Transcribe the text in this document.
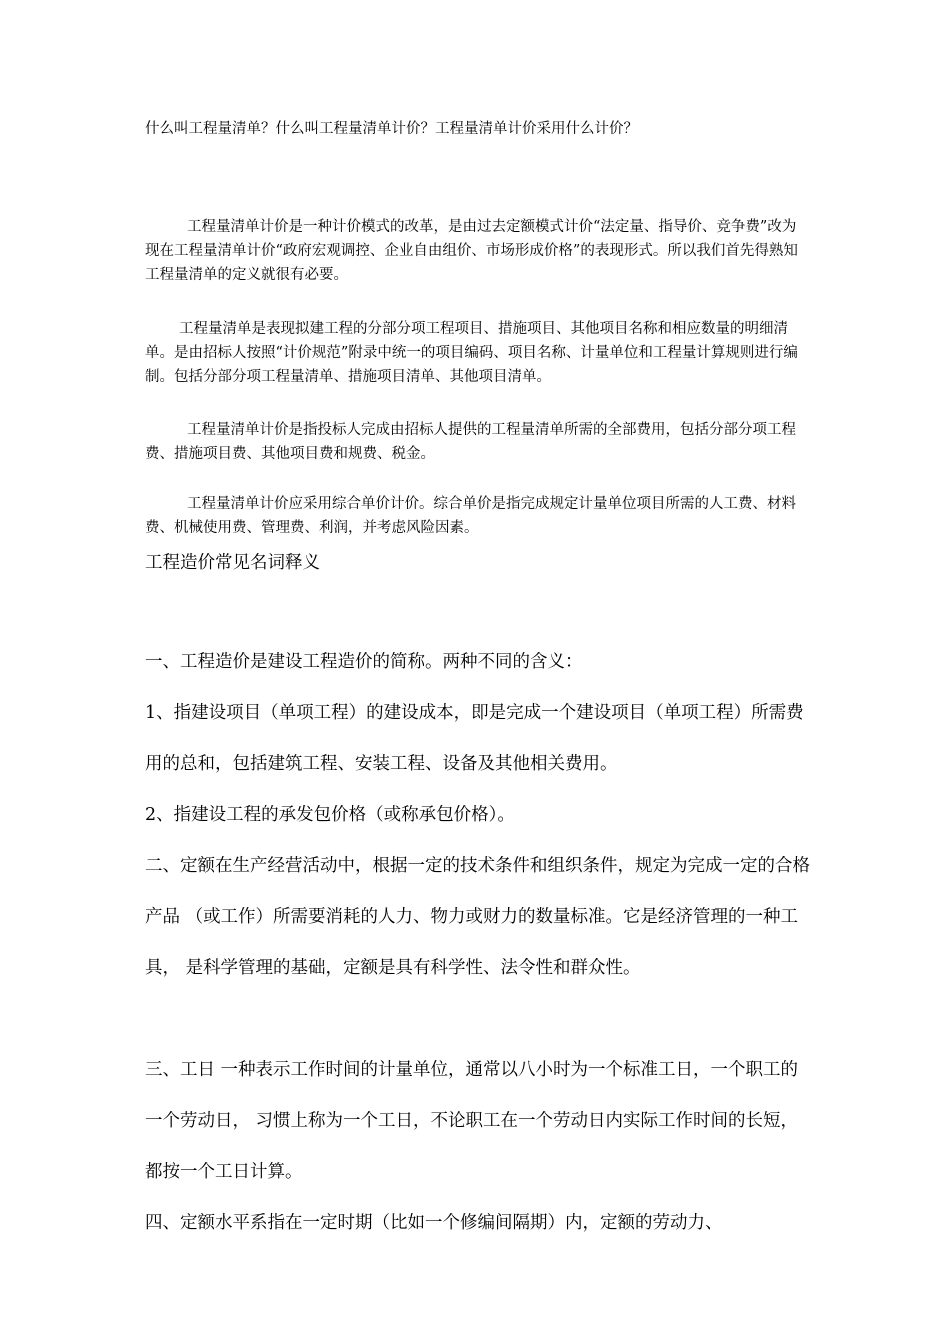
什么叫工程量清单？什么叫工程量清单计价？工程量清单计价采用什么计价？

工程量清单计价是一种计价模式的改革，是由过去定额模式计价“法定量、指导价、竞争费”改为现在工程量清单计价“政府宏观调控、企业自由组价、市场形成价格”的表现形式。所以我们首先得熟知工程量清单的定义就很有必要。

工程量清单是表现拟建工程的分部分项工程项目、措施项目、其他项目名称和相应数量的明细清单。是由招标人按照“计价规范”附录中统一的项目编码、项目名称、计量单位和工程量计算规则进行编制。包括分部分项工程量清单、措施项目清单、其他项目清单。

工程量清单计价是指投标人完成由招标人提供的工程量清单所需的全部费用，包括分部分项工程费、措施项目费、其他项目费和规费、税金。

工程量清单计价应采用综合单价计价。综合单价是指完成规定计量单位项目所需的人工费、材料费、机械使用费、管理费、利润，并考虑风险因素。

工程造价常见名词释义

一、工程造价是建设工程造价的简称。两种不同的含义：

1、指建设项目（单项工程）的建设成本，即是完成一个建设项目（单项工程）所需费用的总和，包括建筑工程、安装工程、设备及其他相关费用。

2、指建设工程的承发包价格（或称承包价格）。

二、定额在生产经营活动中，根据一定的技术条件和组织条件，规定为完成一定的合格产品 （或工作）所需要消耗的人力、物力或财力的数量标准。它是经济管理的一种工具， 是科学管理的基础，定额是具有科学性、法令性和群众性。

三、工日 一种表示工作时间的计量单位，通常以八小时为一个标准工日，一个职工的一个劳动日， 习惯上称为一个工日，不论职工在一个劳动日内实际工作时间的长短， 都按一个工日计算。

四、定额水平系指在一定时期（比如一个修编间隔期）内，定额的劳动力、
